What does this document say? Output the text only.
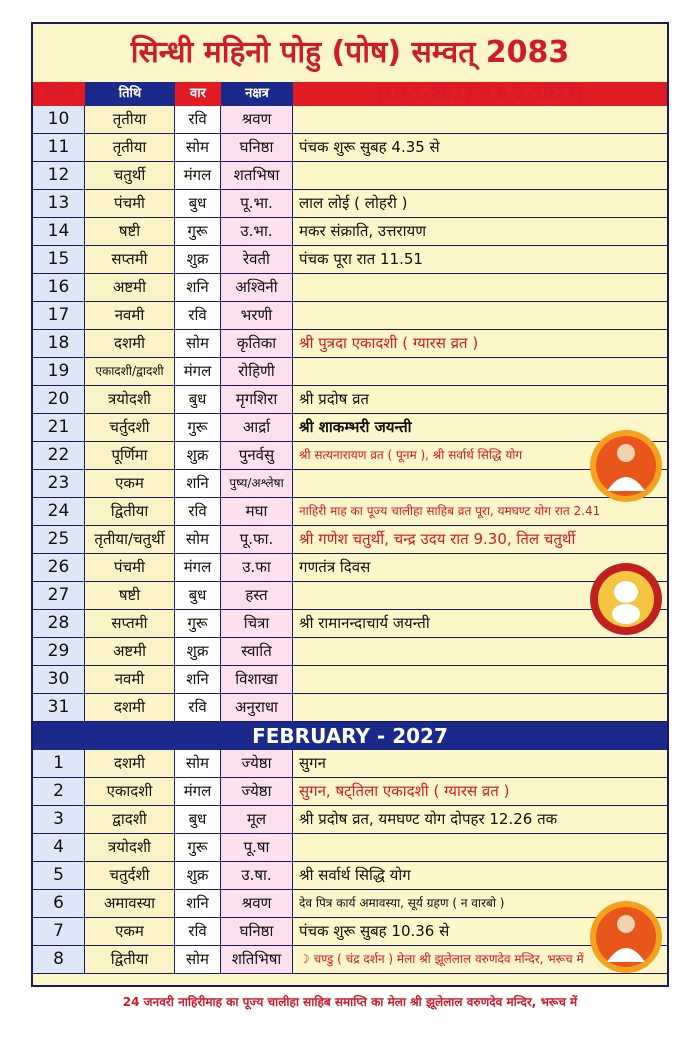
सिन्धी महिनो पोहु (पोष) सम्वत् 2083
अंग्रजी	तिथि	वार	नक्षत्र	(10-1-2027 से 8-2-2027)
10	तृतीया	रवि	श्रवण
11	तृतीया	सोम	घनिष्ठा	पंचक शुरू सुबह 4.35 से
12	चतुर्थी	मंगल	शतभिषा
13	पंचमी	बुध	पू.भा.	लाल लोई ( लोहरी )
14	षष्टी	गुरू	उ.भा.	मकर संक्राति, उत्तरायण
15	सप्तमी	शुक्र	रेवती	पंचक पूरा रात 11.51
16	अष्टमी	शनि	अश्विनी
17	नवमी	रवि	भरणी
18	दशमी	सोम	कृतिका	श्री पुत्रदा एकादशी ( ग्यारस व्रत )
19	एकादशी/द्वादशी	मंगल	रोहिणी
20	त्रयोदशी	बुध	मृगशिरा	श्री प्रदोष व्रत
21	चर्तुदशी	गुरू	आर्द्रा	श्री शाकम्भरी जयन्ती
22	पूर्णिमा	शुक्र	पुनर्वसु	श्री सत्यनारायण व्रत ( पूनम ), श्री सर्वार्थ सिद्धि योग
23	एकम	शनि	पुष्य/अश्लेषा
24	द्वितीया	रवि	मघा	नाहिरी माह का पूज्य चालीहा साहिब व्रत पूरा, यमघण्ट योग रात 2.41
25	तृतीया/चतुर्थी	सोम	पू.फा.	श्री गणेश चतुर्थी, चन्द्र उदय रात 9.30, तिल चतुर्थी
26	पंचमी	मंगल	उ.फा	गणतंत्र दिवस
27	षष्टी	बुध	हस्त
28	सप्तमी	गुरू	चित्रा	श्री रामानन्दाचार्य जयन्ती
29	अष्टमी	शुक्र	स्वाति
30	नवमी	शनि	विशाखा
31	दशमी	रवि	अनुराधा
1	दशमी	सोम	ज्येष्ठा	सुगन
2	एकादशी	मंगल	ज्येष्ठा	सुगन, षट्तिला एकादशी ( ग्यारस व्रत )
3	द्वादशी	बुध	मूल	श्री प्रदोष व्रत, यमघण्ट योग दोपहर 12.26 तक
4	त्रयोदशी	गुरू	पू.षा
5	चतुर्दशी	शुक्र	उ.षा.	श्री सर्वार्थ सिद्धि योग
6	अमावस्या	शनि	श्रवण	देव पित्र कार्य अमावस्या, सूर्य ग्रहण ( न वारबो )
7	एकम	रवि	घनिष्ठा	पंचक शुरू सुबह 10.36 से
8	द्वितीया	सोम	शतिभिषा	☽ चण्डु ( चंद्र दर्शन ) मेला श्री झूलेलाल वरुणदेव मन्दिर, भरूच में
FEBRUARY - 2027
24 जनवरी नाहिरीमाह का पूज्य चालीहा साहिब समाप्ति का मेला श्री झूलेलाल वरुणदेव मन्दिर, भरूच में
